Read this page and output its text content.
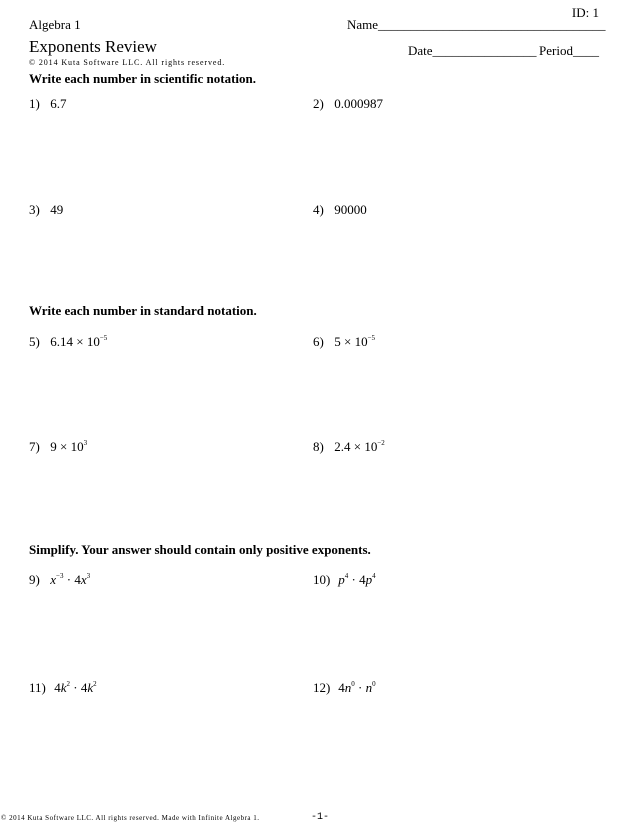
ID: 1
Algebra 1	Name___________________________________
Exponents Review	Date________________ Period____
© 2014 Kuta Software LLC. All rights reserved.
Write each number in scientific notation.
1) 6.7	2) 0.000987
3) 49	4) 90000
Write each number in standard notation.
5) $6.14 \times 10^{-5}$	6) $5 \times 10^{-5}$
7) $9 \times 10^3$	8) $2.4 \times 10^{-2}$
Simplify. Your answer should contain only positive exponents.
9) $x^{-3} \cdot 4x^3$	10) $p^4 \cdot 4p^4$
11) $4k^2 \cdot 4k^2$	12) $4n^0 \cdot n^0$
© 2014 Kuta Software LLC. All rights reserved. Made with Infinite Algebra 1.	-1-
